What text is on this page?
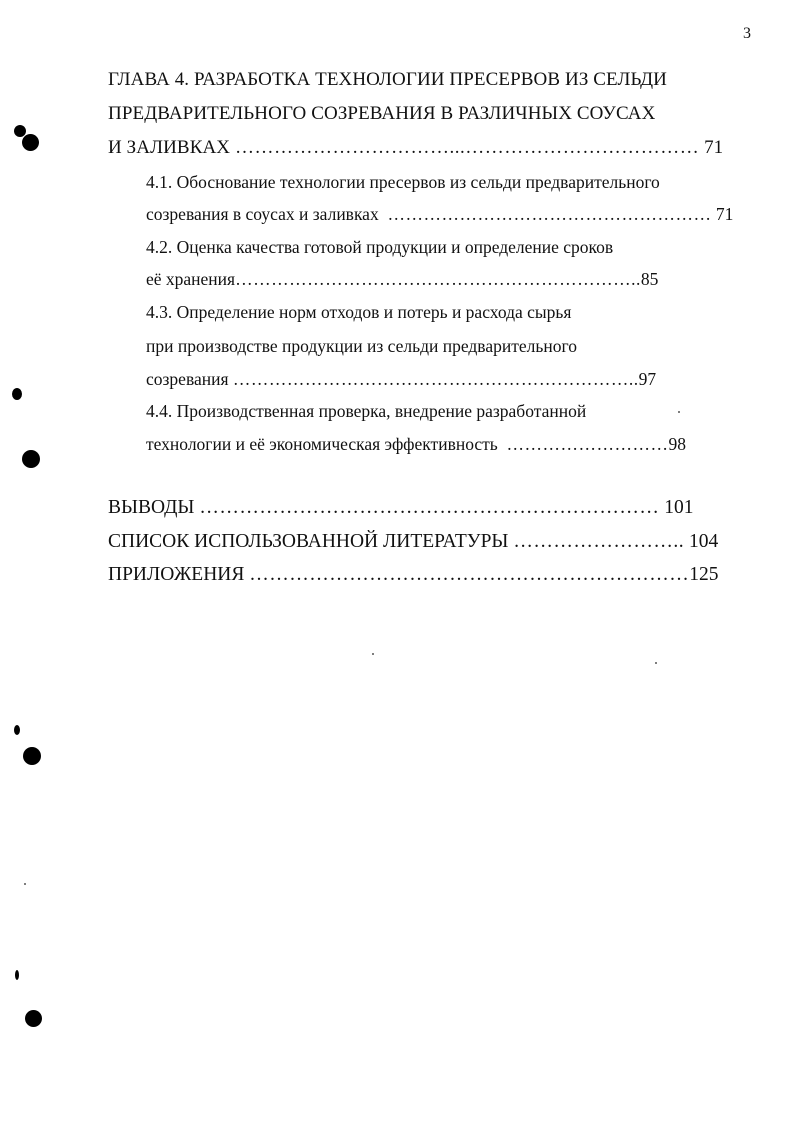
3
ГЛАВА 4. РАЗРАБОТКА ТЕХНОЛОГИИ ПРЕСЕРВОВ ИЗ СЕЛЬДИ
ПРЕДВАРИТЕЛЬНОГО СОЗРЕВАНИЯ В РАЗЛИЧНЫХ СОУСАХ
И ЗАЛИВКАХ ……………………………...……………………………… 71
4.1. Обоснование технологии пресервов из сельди предварительного
созревания в соусах и заливках ……………………………………………… 71
4.2. Оценка качества готовой продукции и определение сроков
её хранения…………………………………………………………..85
4.3. Определение норм отходов и потерь и расхода сырья
при производстве продукции из сельди предварительного
созревания …………………………………………………………..97
4.4. Производственная проверка, внедрение разработанной
технологии и её экономическая эффективность ………………………98
ВЫВОДЫ …………………………………………………………… 101
СПИСОК ИСПОЛЬЗОВАННОЙ ЛИТЕРАТУРЫ …………………….. 104
ПРИЛОЖЕНИЯ …………………………………………………………125
